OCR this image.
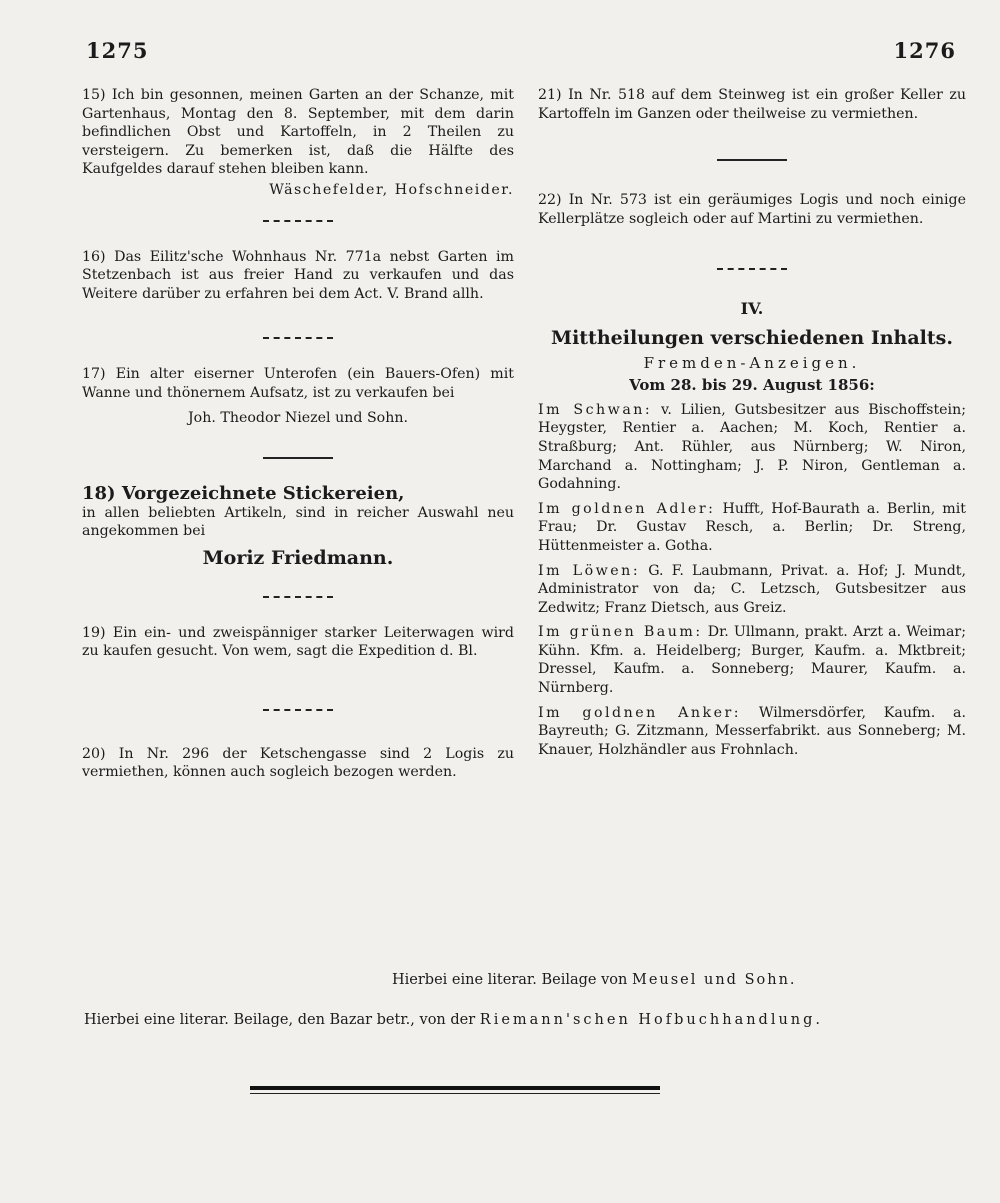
1275	1276

15) Ich bin gesonnen, meinen Garten an der Schanze, mit Gartenhaus, Montag den 8. September, mit dem darin befindlichen Obst und Kartoffeln, in 2 Theilen zu versteigern. Zu bemerken ist, daß die Hälfte des Kaufgeldes darauf stehen bleiben kann.

Wäschefelder, Hofschneider.

16) Das Eilitz'sche Wohnhaus Nr. 771a nebst Garten im Stetzenbach ist aus freier Hand zu verkaufen und das Weitere darüber zu erfahren bei dem Act. V. Brand allh.

17) Ein alter eiserner Unterofen (ein Bauers-Ofen) mit Wanne und thönernem Aufsatz, ist zu verkaufen bei

Joh. Theodor Niezel und Sohn.

18) Vorgezeichnete Stickereien,

in allen beliebten Artikeln, sind in reicher Auswahl neu angekommen bei

Moriz Friedmann.

19) Ein ein- und zweispänniger starker Leiterwagen wird zu kaufen gesucht. Von wem, sagt die Expedition d. Bl.

20) In Nr. 296 der Ketschengasse sind 2 Logis zu vermiethen, können auch sogleich bezogen werden.

21) In Nr. 518 auf dem Steinweg ist ein großer Keller zu Kartoffeln im Ganzen oder theilweise zu vermiethen.

22) In Nr. 573 ist ein geräumiges Logis und noch einige Kellerplätze sogleich oder auf Martini zu vermiethen.

IV.
Mittheilungen verschiedenen Inhalts.
Fremden-Anzeigen.
Vom 28. bis 29. August 1856:
Im Schwan: v. Lilien, Gutsbesitzer aus Bischoffstein; Heygster, Rentier a. Aachen; M. Koch, Rentier a. Straßburg; Ant. Rühler, aus Nürnberg; W. Niron, Marchand a. Nottingham; J. P. Niron, Gentleman a. Godahning.
Im goldnen Adler: Hufft, Hof-Baurath a. Berlin, mit Frau; Dr. Gustav Resch, a. Berlin; Dr. Streng, Hüttenmeister a. Gotha.
Im Löwen: G. F. Laubmann, Privat. a. Hof; J. Mundt, Administrator von da; C. Letzsch, Gutsbesitzer aus Zedwitz; Franz Dietsch, aus Greiz.
Im grünen Baum: Dr. Ullmann, prakt. Arzt a. Weimar; Kühn. Kfm. a. Heidelberg; Burger, Kaufm. a. Mktbreit; Dressel, Kaufm. a. Sonneberg; Maurer, Kaufm. a. Nürnberg.
Im goldnen Anker: Wilmersdörfer, Kaufm. a. Bayreuth; G. Zitzmann, Messerfabrikt. aus Sonneberg; M. Knauer, Holzhändler aus Frohnlach.
Hierbei eine literar. Beilage von Meusel und Sohn.
Hierbei eine literar. Beilage, den Bazar betr., von der Riemann'schen Hofbuchhandlung.
